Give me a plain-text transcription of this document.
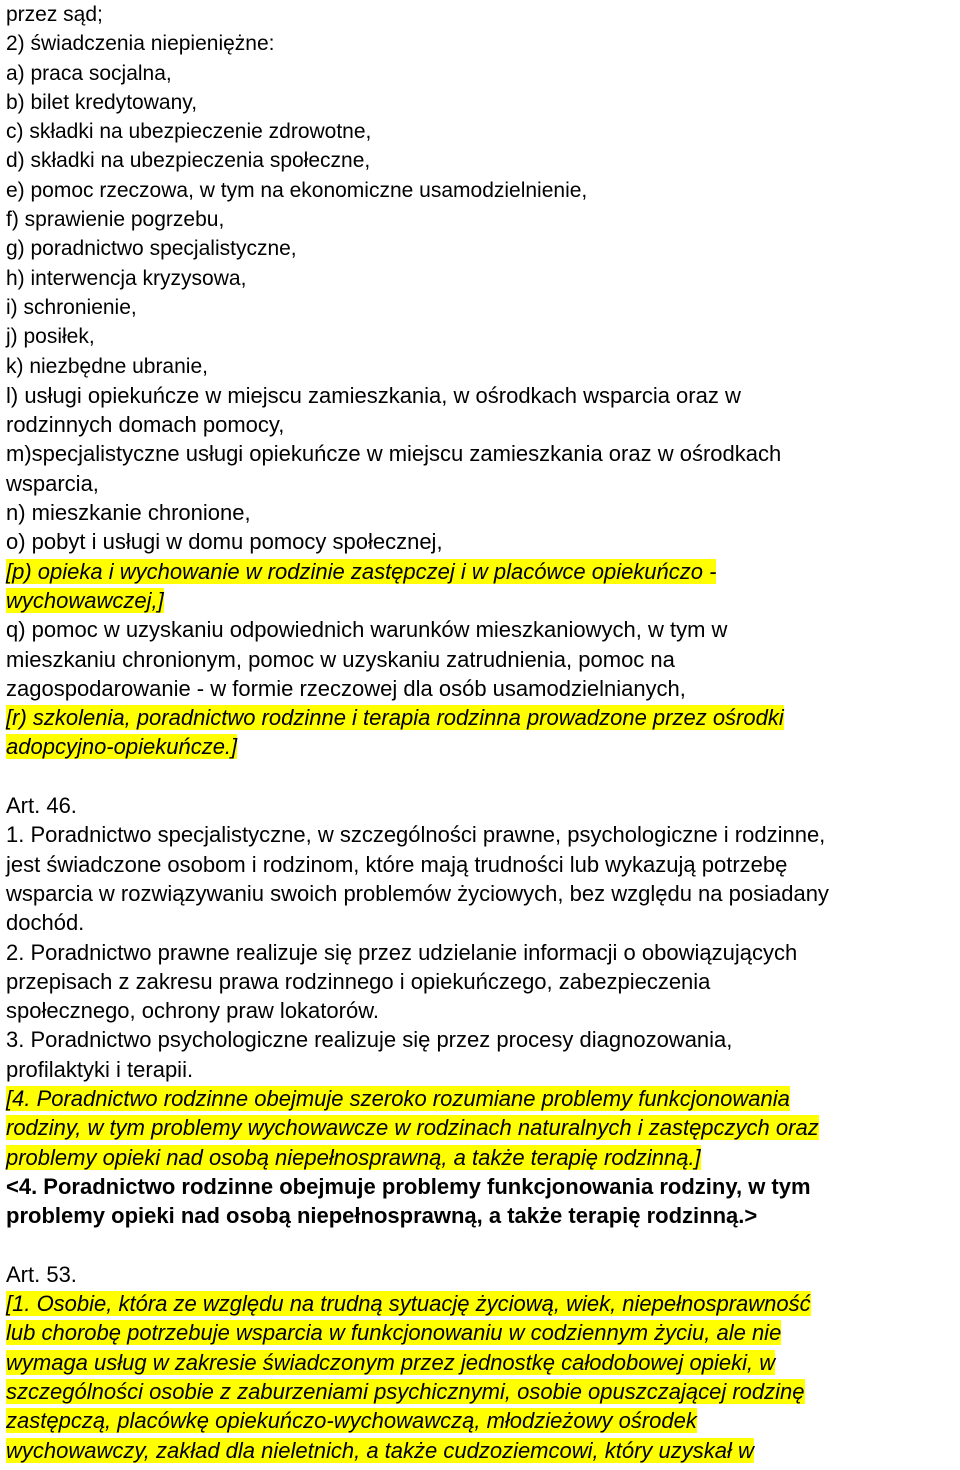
przez sąd;
2) świadczenia niepieniężne:
a) praca socjalna,
b) bilet kredytowany,
c) składki na ubezpieczenie zdrowotne,
d) składki na ubezpieczenia społeczne,
e) pomoc rzeczowa, w tym na ekonomiczne usamodzielnienie,
f) sprawienie pogrzebu,
g) poradnictwo specjalistyczne,
h) interwencja kryzysowa,
i) schronienie,
j) posiłek,
k) niezbędne ubranie,
l) usługi opiekuńcze w miejscu zamieszkania, w ośrodkach wsparcia oraz w
rodzinnych domach pomocy,
m)specjalistyczne usługi opiekuńcze w miejscu zamieszkania oraz w ośrodkach
wsparcia,
n) mieszkanie chronione,
o) pobyt i usługi w domu pomocy społecznej,
[p) opieka i wychowanie w rodzinie zastępczej i w placówce opiekuńczo -
wychowawczej,]
q) pomoc w uzyskaniu odpowiednich warunków mieszkaniowych, w tym w
mieszkaniu chronionym, pomoc w uzyskaniu zatrudnienia, pomoc na
zagospodarowanie - w formie rzeczowej dla osób usamodzielnianych,
[r) szkolenia, poradnictwo rodzinne i terapia rodzinna prowadzone przez ośrodki
adopcyjno-opiekuńcze.]
Art. 46.
1. Poradnictwo specjalistyczne, w szczególności prawne, psychologiczne i rodzinne,
jest świadczone osobom i rodzinom, które mają trudności lub wykazują potrzebę
wsparcia w rozwiązywaniu swoich problemów życiowych, bez względu na posiadany
dochód.
2. Poradnictwo prawne realizuje się przez udzielanie informacji o obowiązujących
przepisach z zakresu prawa rodzinnego i opiekuńczego, zabezpieczenia
społecznego, ochrony praw lokatorów.
3. Poradnictwo psychologiczne realizuje się przez procesy diagnozowania,
profilaktyki i terapii.
[4. Poradnictwo rodzinne obejmuje szeroko rozumiane problemy funkcjonowania
rodziny, w tym problemy wychowawcze w rodzinach naturalnych i zastępczych oraz
problemy opieki nad osobą niepełnosprawną, a także terapię rodzinną.]
<4. Poradnictwo rodzinne obejmuje problemy funkcjonowania rodziny, w tym
problemy opieki nad osobą niepełnosprawną, a także terapię rodzinną.>
Art. 53.
[1. Osobie, która ze względu na trudną sytuację życiową, wiek, niepełnosprawność
lub chorobę potrzebuje wsparcia w funkcjonowaniu w codziennym życiu, ale nie
wymaga usług w zakresie świadczonym przez jednostkę całodobowej opieki, w
szczególności osobie z zaburzeniami psychicznymi, osobie opuszczającej rodzinę
zastępczą, placówkę opiekuńczo-wychowawczą, młodzieżowy ośrodek
wychowawczy, zakład dla nieletnich, a także cudzoziemcowi, który uzyskał w
